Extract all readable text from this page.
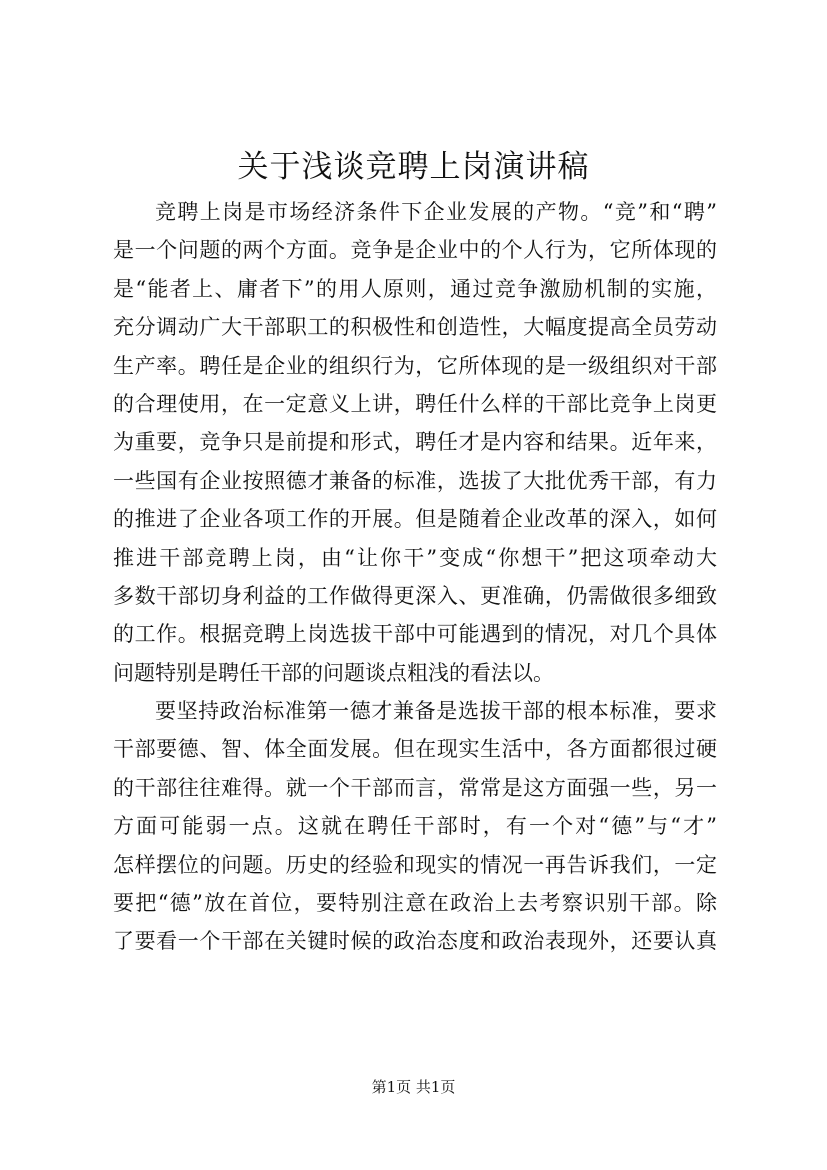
关于浅谈竞聘上岗演讲稿
竞聘上岗是市场经济条件下企业发展的产物。“竞”和“聘”
是一个问题的两个方面。竞争是企业中的个人行为，它所体现的
是“能者上、庸者下”的用人原则，通过竞争激励机制的实施，
充分调动广大干部职工的积极性和创造性，大幅度提高全员劳动
生产率。聘任是企业的组织行为，它所体现的是一级组织对干部
的合理使用，在一定意义上讲，聘任什么样的干部比竞争上岗更
为重要，竞争只是前提和形式，聘任才是内容和结果。近年来，
一些国有企业按照德才兼备的标准，选拔了大批优秀干部，有力
的推进了企业各项工作的开展。但是随着企业改革的深入，如何
推进干部竞聘上岗，由“让你干”变成“你想干”把这项牵动大
多数干部切身利益的工作做得更深入、更准确，仍需做很多细致
的工作。根据竞聘上岗选拔干部中可能遇到的情况，对几个具体
问题特别是聘任干部的问题谈点粗浅的看法以。
要坚持政治标准第一德才兼备是选拔干部的根本标准，要求
干部要德、智、体全面发展。但在现实生活中，各方面都很过硬
的干部往往难得。就一个干部而言，常常是这方面强一些，另一
方面可能弱一点。这就在聘任干部时，有一个对“德”与“才”
怎样摆位的问题。历史的经验和现实的情况一再告诉我们，一定
要把“德”放在首位，要特别注意在政治上去考察识别干部。除
了要看一个干部在关键时候的政治态度和政治表现外，还要认真
第1页 共1页
